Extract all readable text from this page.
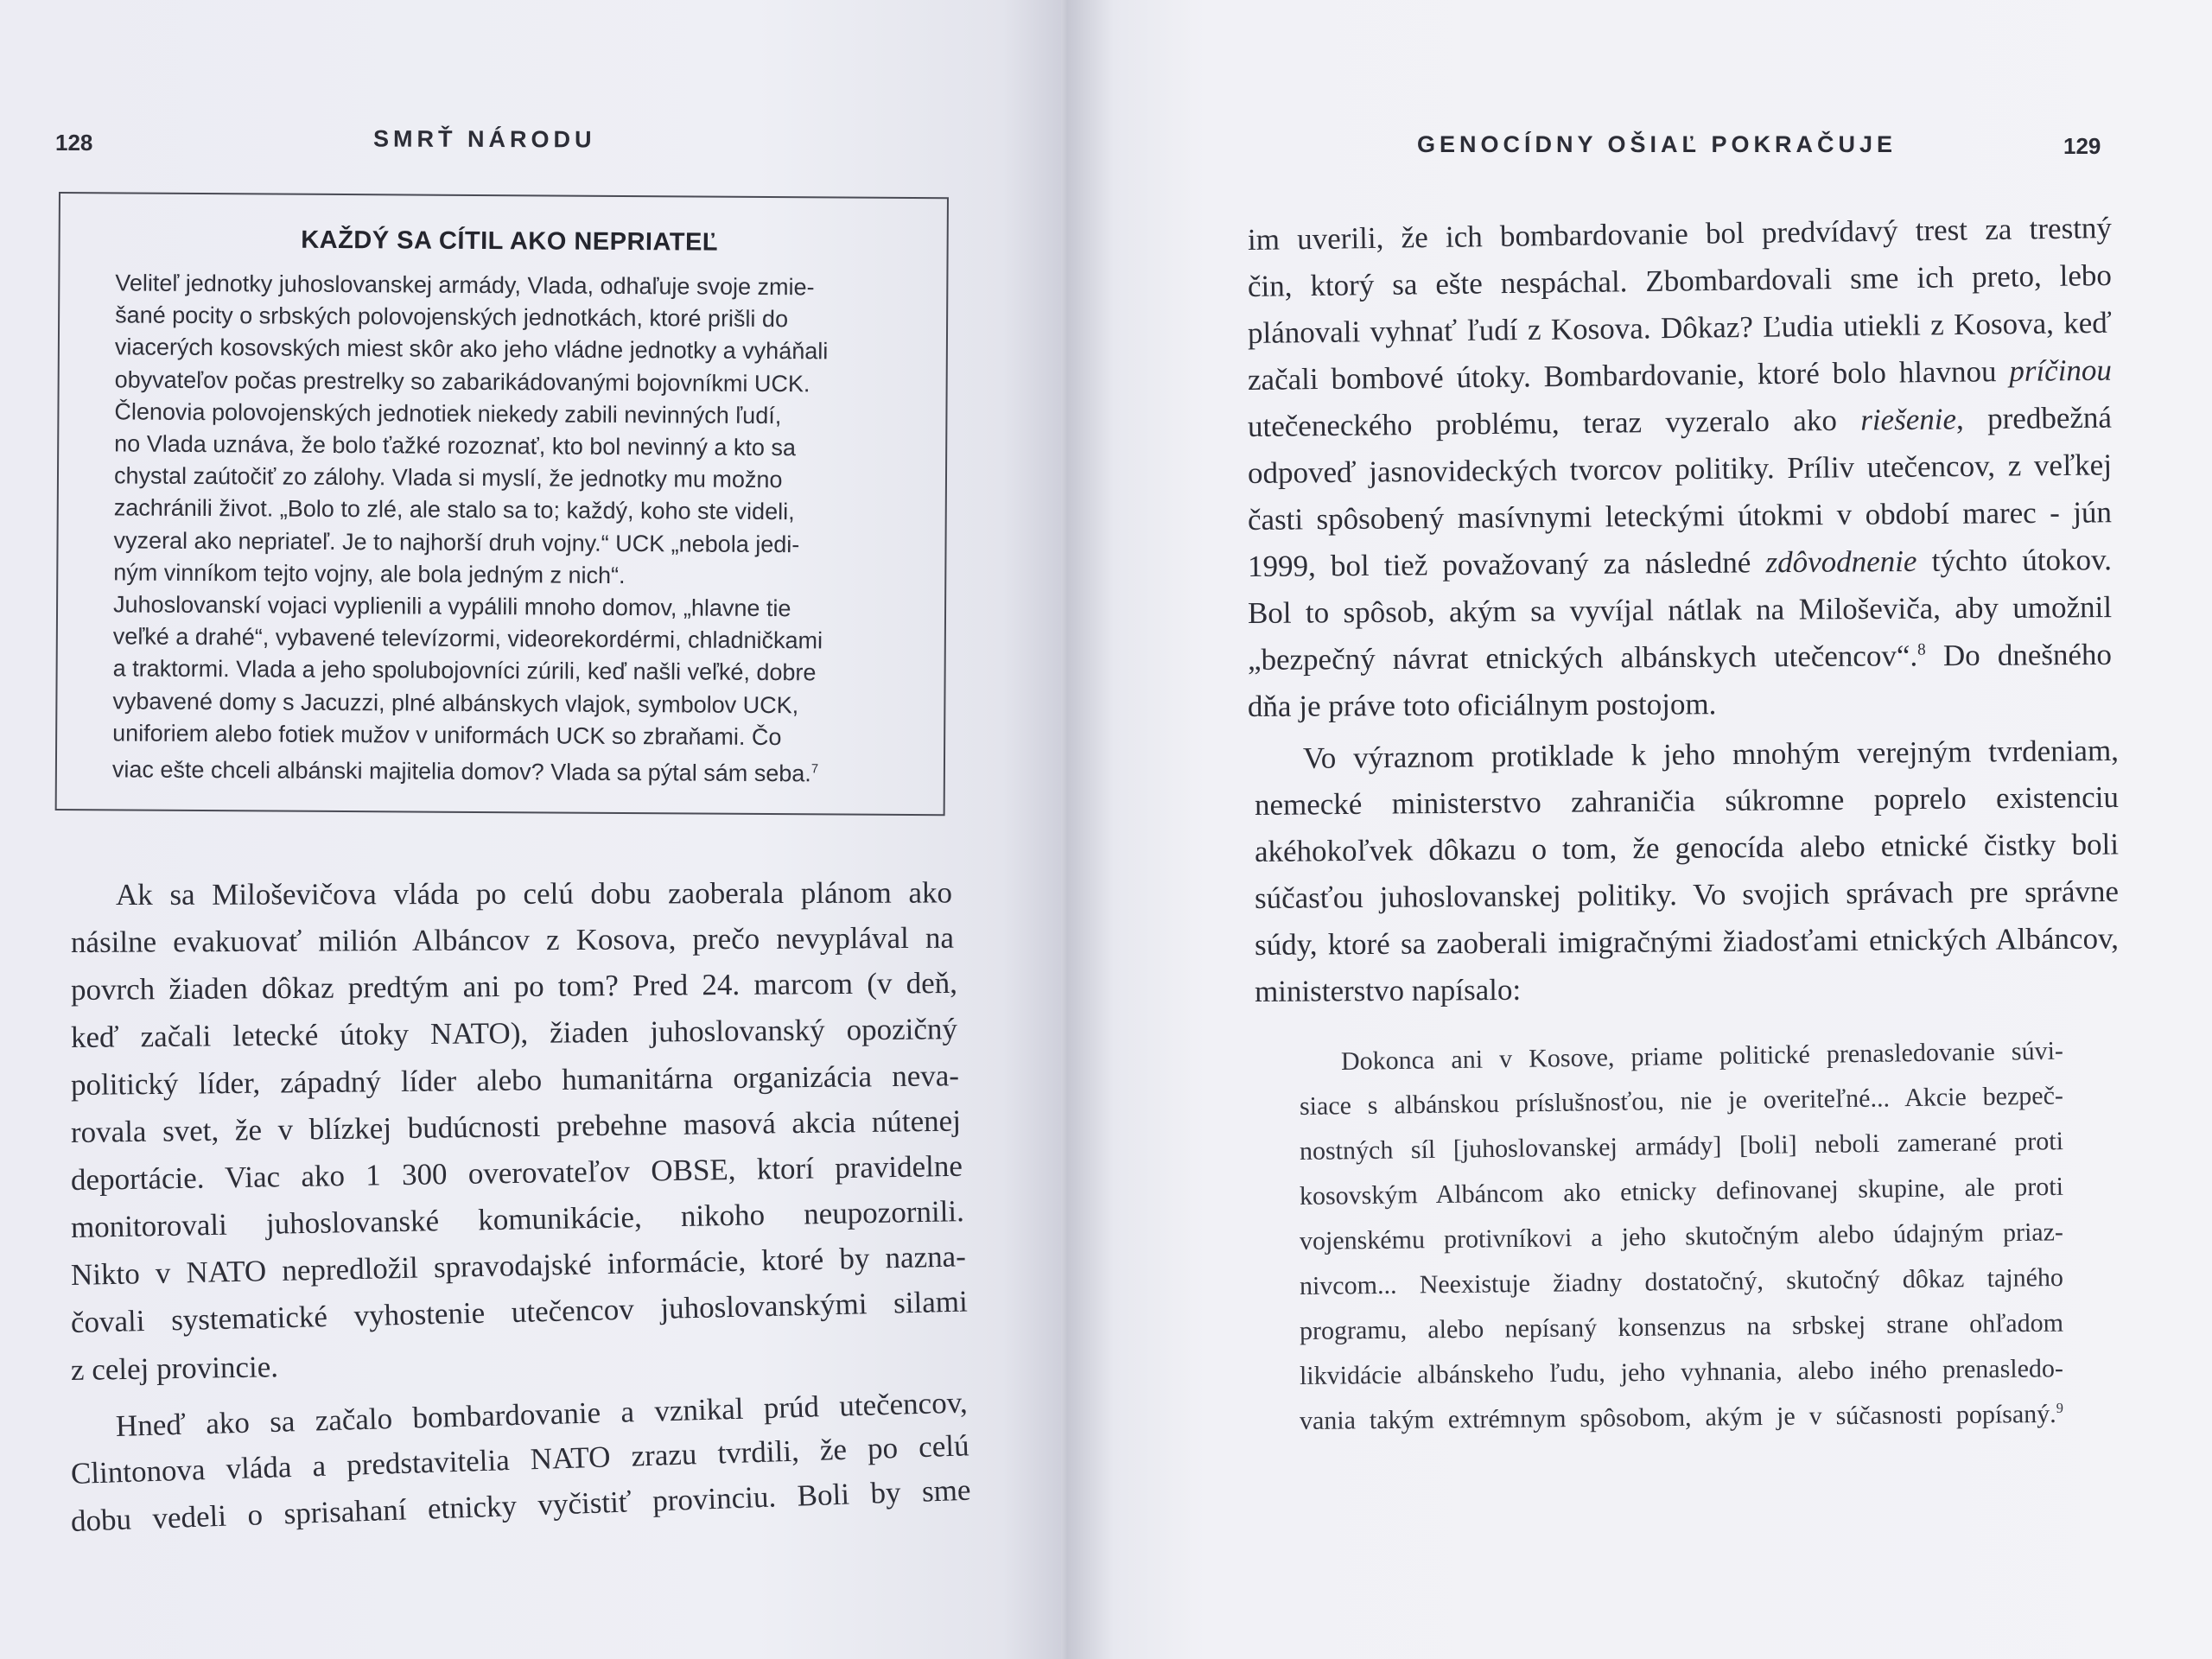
128	SMRŤ NÁRODU
KAŽDÝ SA CÍTIL AKO NEPRIATEĽ
Veliteľ jednotky juhoslovanskej armády, Vlada, odhaľuje svoje zmie-
šané pocity o srbských polovojenských jednotkách, ktoré prišli do
viacerých kosovských miest skôr ako jeho vládne jednotky a vyháňali
obyvateľov počas prestrelky so zabarikádovanými bojovníkmi UCK.
Členovia polovojenských jednotiek niekedy zabili nevinných ľudí,
no Vlada uznáva, že bolo ťažké rozoznať, kto bol nevinný a kto sa
chystal zaútočiť zo zálohy. Vlada si myslí, že jednotky mu možno
zachránili život. „Bolo to zlé, ale stalo sa to; každý, koho ste videli,
vyzeral ako nepriateľ. Je to najhorší druh vojny.“ UCK „nebola jedi-
ným vinníkom tejto vojny, ale bola jedným z nich“.
Juhoslovanskí vojaci vyplienili a vypálili mnoho domov, „hlavne tie
veľké a drahé“, vybavené televízormi, videorekordérmi, chladničkami
a traktormi. Vlada a jeho spolubojovníci zúrili, keď našli veľké, dobre
vybavené domy s Jacuzzi, plné albánskych vlajok, symbolov UCK,
uniforiem alebo fotiek mužov v uniformách UCK so zbraňami. Čo
viac ešte chceli albánski majitelia domov? Vlada sa pýtal sám seba.$^7$
Ak sa Miloševičova vláda po celú dobu zaoberala plánom ako
násilne evakuovať milión Albáncov z Kosova, prečo nevyplával na
povrch žiaden dôkaz predtým ani po tom? Pred 24. marcom (v deň,
keď začali letecké útoky NATO), žiaden juhoslovanský opozičný
politický líder, západný líder alebo humanitárna organizácia neva-
rovala svet, že v blízkej budúcnosti prebehne masová akcia nútenej
deportácie. Viac ako 1 300 overovateľov OBSE, ktorí pravidelne
monitorovali juhoslovanské komunikácie, nikoho neupozornili.
Nikto v NATO nepredložil spravodajské informácie, ktoré by nazna-
čovali systematické vyhostenie utečencov juhoslovanskými silami
z celej provincie.
Hneď ako sa začalo bombardovanie a vznikal prúd utečencov,
Clintonova vláda a predstavitelia NATO zrazu tvrdili, že po celú
dobu vedeli o sprisahaní etnicky vyčistiť provinciu. Boli by sme
GENOCÍDNY OŠIAĽ POKRAČUJE	129
im uverili, že ich bombardovanie bol predvídavý trest za trestný
čin, ktorý sa ešte nespáchal. Zbombardovali sme ich preto, lebo
plánovali vyhnať ľudí z Kosova. Dôkaz? Ľudia utiekli z Kosova, keď
začali bombové útoky. Bombardovanie, ktoré bolo hlavnou príčinou
utečeneckého problému, teraz vyzeralo ako riešenie, predbežná
odpoveď jasnovideckých tvorcov politiky. Príliv utečencov, z veľkej
časti spôsobený masívnymi leteckými útokmi v období marec - jún
1999, bol tiež považovaný za následné zdôvodnenie týchto útokov.
Bol to spôsob, akým sa vyvíjal nátlak na Miloševiča, aby umožnil
„bezpečný návrat etnických albánskych utečencov“.$^8$ Do dnešného
dňa je práve toto oficiálnym postojom.
Vo výraznom protiklade k jeho mnohým verejným tvrdeniam,
nemecké ministerstvo zahraničia súkromne poprelo existenciu
akéhokoľvek dôkazu o tom, že genocída alebo etnické čistky boli
súčasťou juhoslovanskej politiky. Vo svojich správach pre správne
súdy, ktoré sa zaoberali imigračnými žiadosťami etnických Albáncov,
ministerstvo napísalo:
Dokonca ani v Kosove, priame politické prenasledovanie súvi-
siace s albánskou príslušnosťou, nie je overiteľné... Akcie bezpeč-
nostných síl [juhoslovanskej armády] [boli] neboli zamerané proti
kosovským Albáncom ako etnicky definovanej skupine, ale proti
vojenskému protivníkovi a jeho skutočným alebo údajným priaz-
nivcom... Neexistuje žiadny dostatočný, skutočný dôkaz tajného
programu, alebo nepísaný konsenzus na srbskej strane ohľadom
likvidácie albánskeho ľudu, jeho vyhnania, alebo iného prenasledo-
vania takým extrémnym spôsobom, akým je v súčasnosti popísaný.$^9$
